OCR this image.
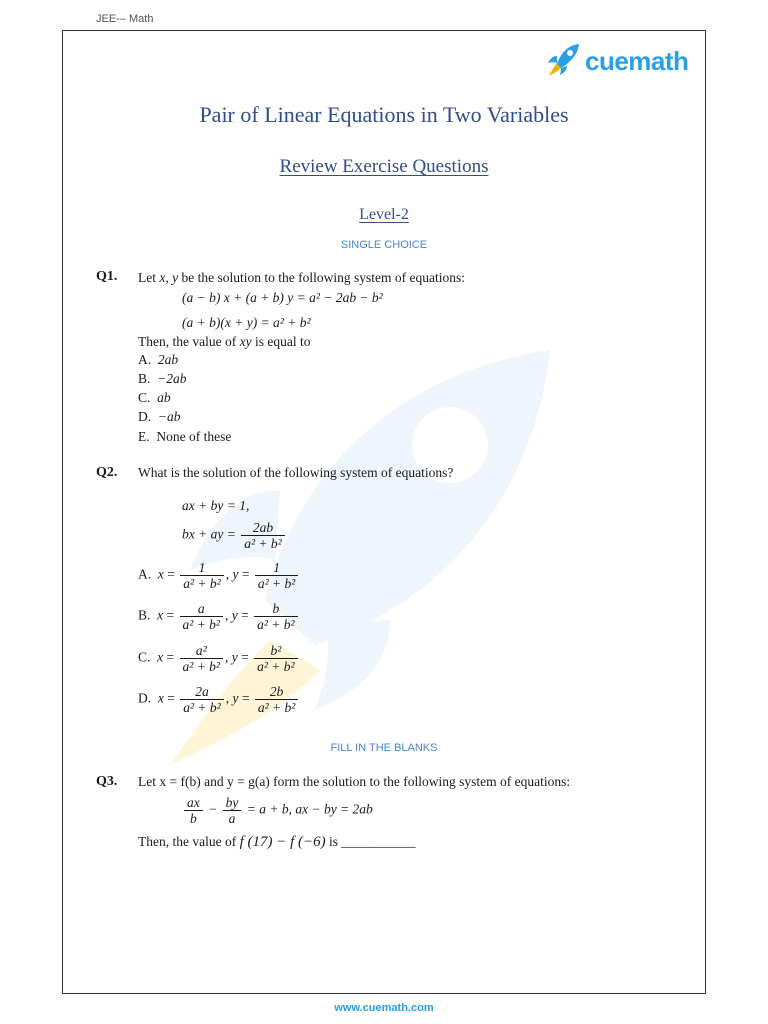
JEE-– Math
cuemath
Pair of Linear Equations in Two Variables
Review Exercise Questions
Level-2
SINGLE CHOICE
Q1. Let x, y be the solution to the following system of equations:
(a − b) x + (a + b) y = a² − 2ab − b²
(a + b)(x + y) = a² + b²
Then, the value of xy is equal to
A. 2ab
B. −2ab
C. ab
D. −ab
E. None of these
Q2. What is the solution of the following system of equations?
ax + by = 1,
bx + ay = $\frac{2ab}{\text{a² + b²}}$
A. $x = \frac{1}{\text{a² + b²}}$ , $y = \frac{1}{\text{a² + b²}}$
B. $x = \frac{a}{\text{a² + b²}}$ , $y = \frac{b}{\text{a² + b²}}$
C. $x = \frac{\text{a²}}{\text{a² + b²}}$ , $y = \frac{\text{b²}}{\text{a² + b²}}$
D. $x = \frac{2a}{\text{a² + b²}}$ , $y = \frac{2b}{\text{a² + b²}}$
FILL IN THE BLANKS
Q3. Let x = f(b) and y = g(a) form the solution to the following system of equations:
$\frac{ax}{b} - \frac{by}{a} = a + b$, ax − by = 2ab
Then, the value of f (17) − f (−6) is ___________
www.cuemath.com
